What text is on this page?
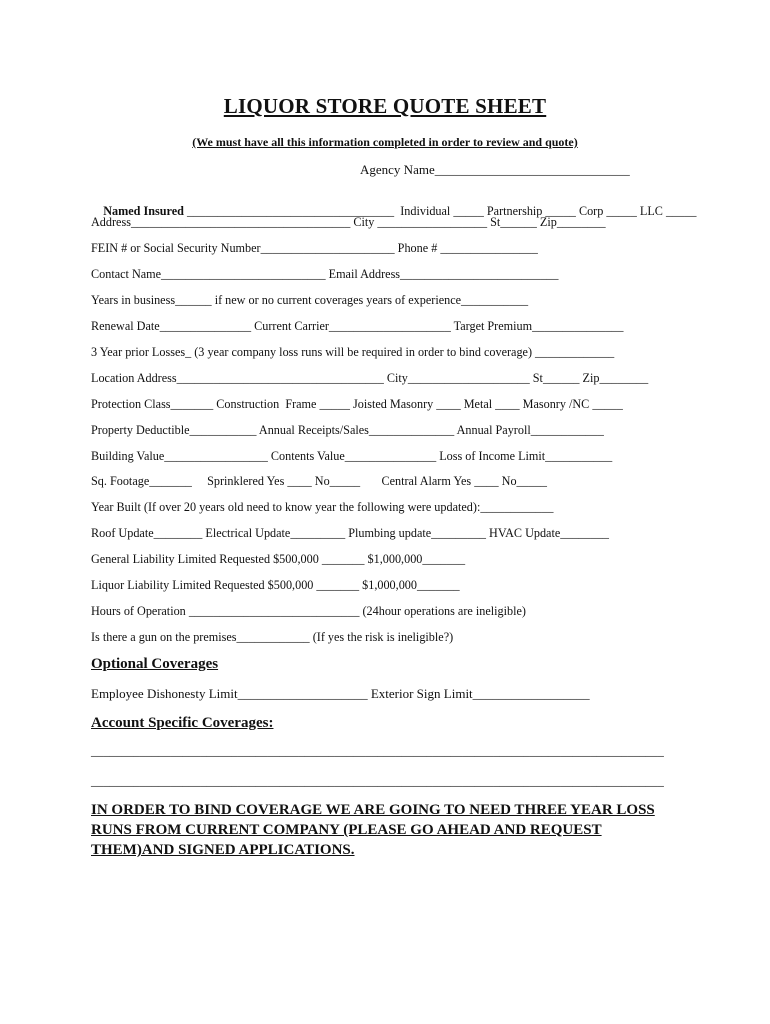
LIQUOR STORE QUOTE SHEET
(We must have all this information completed in order to review and quote)
Agency Name______________________________

Named Insured __________________________________  Individual _____ Partnership _____ Corp _____ LLC _____

Address____________________________________ City __________________ St______ Zip________
FEIN # or Social Security Number______________________ Phone # ________________
Contact Name___________________________ Email Address__________________________
Years in business______ if new or no current coverages years of experience___________
Renewal Date_______________ Current Carrier____________________ Target Premium_______________
3 Year prior Losses_ (3 year company loss runs will be required in order to bind coverage) _____________
Location Address__________________________________ City____________________ St______ Zip________
Protection Class_______ Construction  Frame _____ Joisted Masonry ____ Metal ____ Masonry /NC _____
Property Deductible___________ Annual Receipts/Sales______________ Annual Payroll____________
Building Value_________________ Contents Value_______________ Loss of Income Limit___________
Sq. Footage_______     Sprinklered Yes ____ No_____       Central Alarm Yes ____ No_____
Year Built (If over 20 years old need to know year the following were updated):____________
Roof Update________ Electrical Update_________ Plumbing update_________ HVAC Update________
General Liability Limited Requested $500,000 _______ $1,000,000_______
Liquor Liability Limited Requested $500,000 _______ $1,000,000_______
Hours of Operation ____________________________ (24hour operations are ineligible)
Is there a gun on the premises____________ (If yes the risk is ineligible?)
Optional Coverages
Employee Dishonesty Limit____________________ Exterior Sign Limit__________________
Account Specific Coverages:
______________________________________________________________________________________________
______________________________________________________________________________________________
IN ORDER TO BIND COVERAGE WE ARE GOING TO NEED THREE YEAR LOSS
RUNS FROM CURRENT COMPANY (PLEASE GO AHEAD AND REQUEST
THEM)AND SIGNED APPLICATIONS.
